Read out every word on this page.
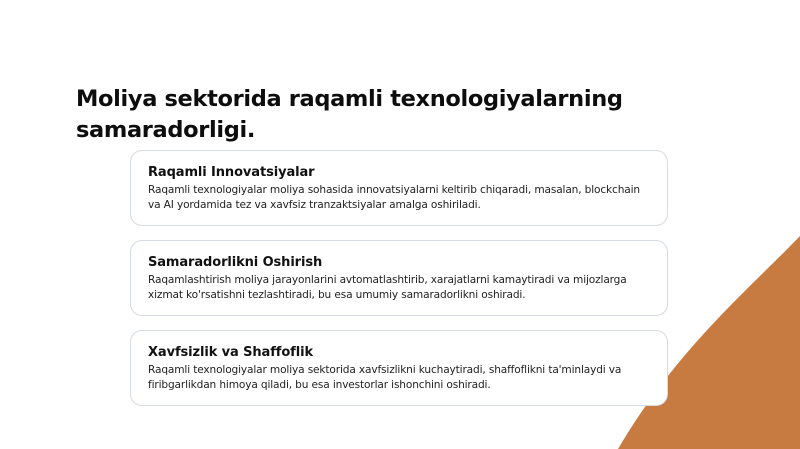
Moliya sektorida raqamli texnologiyalarning samaradorligi.
Raqamli Innovatsiyalar

Raqamli texnologiyalar moliya sohasida innovatsiyalarni keltirib chiqaradi, masalan, blockchain va AI yordamida tez va xavfsiz tranzaktsiyalar amalga oshiriladi.

Samaradorlikni Oshirish

Raqamlashtirish moliya jarayonlarini avtomatlashtirib, xarajatlarni kamaytiradi va mijozlarga xizmat ko'rsatishni tezlashtiradi, bu esa umumiy samaradorlikni oshiradi.

Xavfsizlik va Shaffoflik

Raqamli texnologiyalar moliya sektorida xavfsizlikni kuchaytiradi, shaffoflikni ta'minlaydi va firibgarlikdan himoya qiladi, bu esa investorlar ishonchini oshiradi.
